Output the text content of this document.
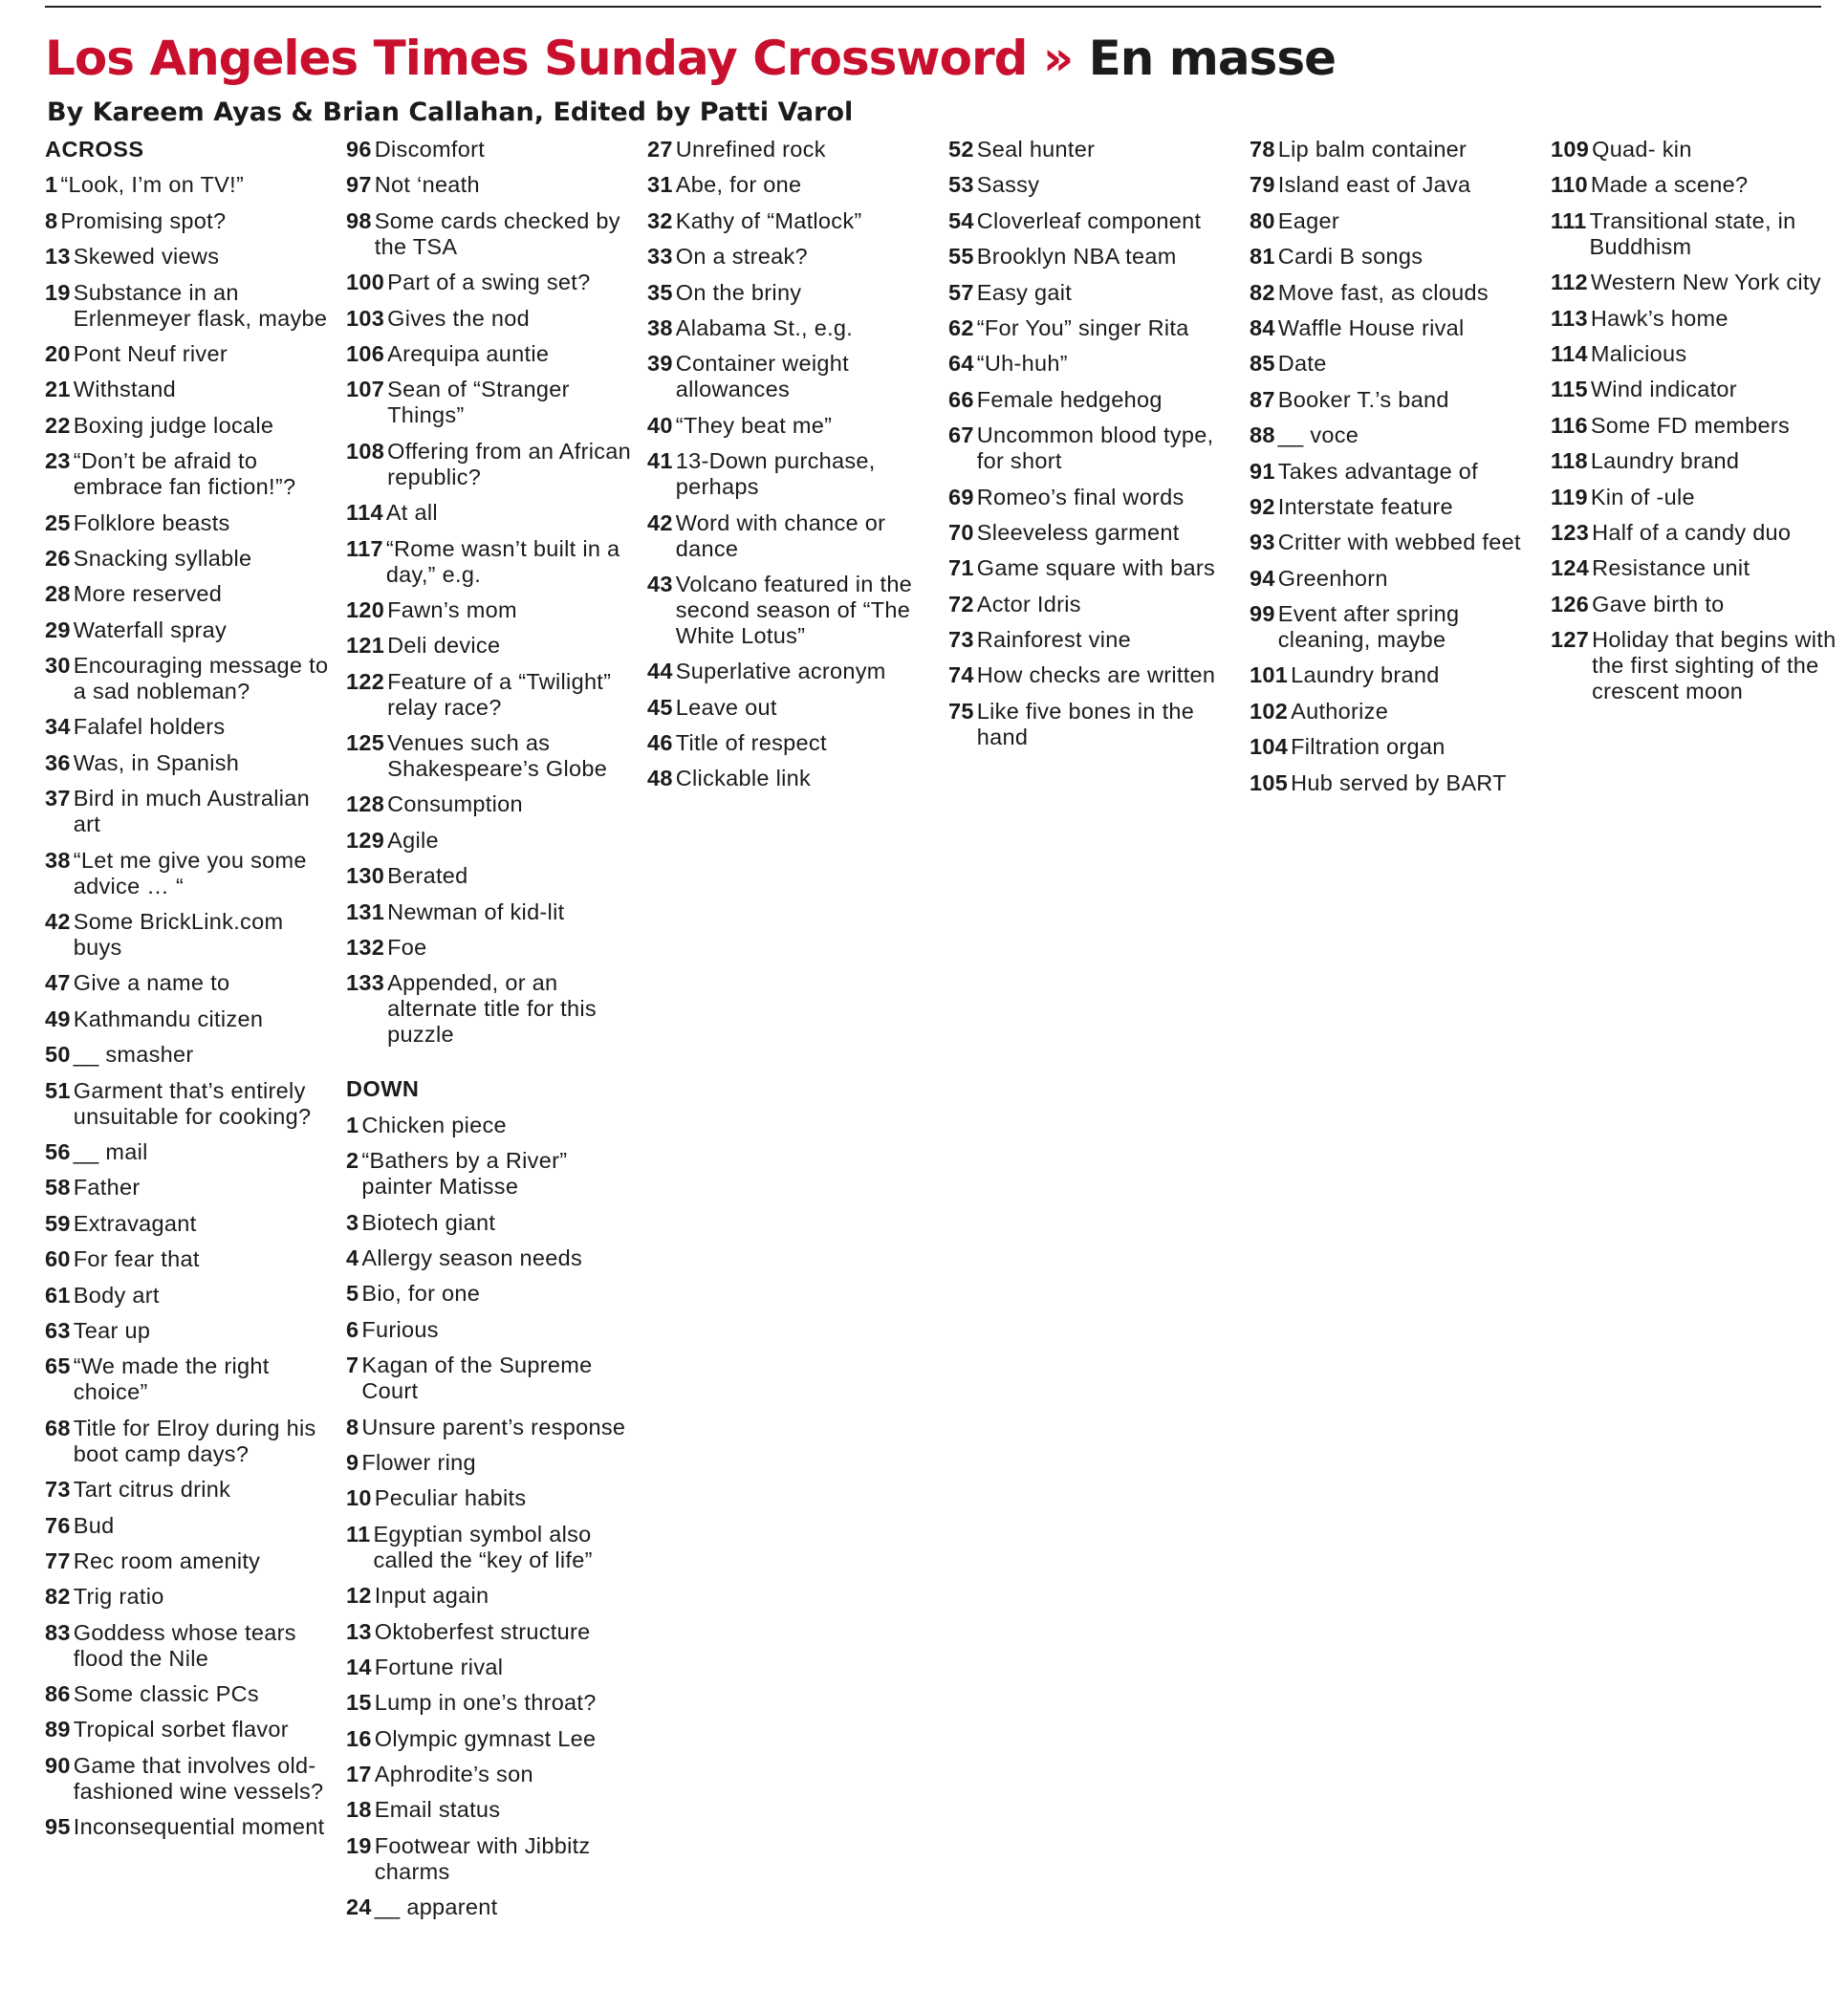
Los Angeles Times Sunday Crossword » En masse
By Kareem Ayas & Brian Callahan, Edited by Patti Varol
ACROSS
1 “Look, I’m on TV!”
8 Promising spot?
13 Skewed views
19 Substance in an Erlenmeyer flask, maybe
20 Pont Neuf river
21 Withstand
22 Boxing judge locale
23 “Don’t be afraid to embrace fan fiction!”?
25 Folklore beasts
26 Snacking syllable
28 More reserved
29 Waterfall spray
30 Encouraging message to a sad nobleman?
34 Falafel holders
36 Was, in Spanish
37 Bird in much Australian art
38 “Let me give you some advice … “
42 Some BrickLink.com buys
47 Give a name to
49 Kathmandu citizen
50 __ smasher
51 Garment that’s entirely unsuitable for cooking?
56 __ mail
58 Father
59 Extravagant
60 For fear that
61 Body art
63 Tear up
65 “We made the right choice”
68 Title for Elroy during his boot camp days?
73 Tart citrus drink
76 Bud
77 Rec room amenity
82 Trig ratio
83 Goddess whose tears flood the Nile
86 Some classic PCs
89 Tropical sorbet flavor
90 Game that involves old-fashioned wine vessels?
95 Inconsequential moment
96 Discomfort
97 Not ‘neath
98 Some cards checked by the TSA
100 Part of a swing set?
103 Gives the nod
106 Arequipa auntie
107 Sean of “Stranger Things”
108 Offering from an African republic?
114 At all
117 “Rome wasn’t built in a day,” e.g.
120 Fawn’s mom
121 Deli device
122 Feature of a “Twilight” relay race?
125 Venues such as Shakespeare’s Globe
128 Consumption
129 Agile
130 Berated
131 Newman of kid-lit
132 Foe
133 Appended, or an alternate title for this puzzle
DOWN
1 Chicken piece
2 “Bathers by a River” painter Matisse
3 Biotech giant
4 Allergy season needs
5 Bio, for one
6 Furious
7 Kagan of the Supreme Court
8 Unsure parent’s response
9 Flower ring
10 Peculiar habits
11 Egyptian symbol also called the “key of life”
12 Input again
13 Oktoberfest structure
14 Fortune rival
15 Lump in one’s throat?
16 Olympic gymnast Lee
17 Aphrodite’s son
18 Email status
19 Footwear with Jibbitz charms
24 __ apparent
27 Unrefined rock
31 Abe, for one
32 Kathy of “Matlock”
33 On a streak?
35 On the briny
38 Alabama St., e.g.
39 Container weight allowances
40 “They beat me”
41 13-Down purchase, perhaps
42 Word with chance or dance
43 Volcano featured in the second season of “The White Lotus”
44 Superlative acronym
45 Leave out
46 Title of respect
48 Clickable link
52 Seal hunter
53 Sassy
54 Cloverleaf component
55 Brooklyn NBA team
57 Easy gait
62 “For You” singer Rita
64 “Uh-huh”
66 Female hedgehog
67 Uncommon blood type, for short
69 Romeo’s final words
70 Sleeveless garment
71 Game square with bars
72 Actor Idris
73 Rainforest vine
74 How checks are written
75 Like five bones in the hand
78 Lip balm container
79 Island east of Java
80 Eager
81 Cardi B songs
82 Move fast, as clouds
84 Waffle House rival
85 Date
87 Booker T.’s band
88 __ voce
91 Takes advantage of
92 Interstate feature
93 Critter with webbed feet
94 Greenhorn
99 Event after spring cleaning, maybe
101 Laundry brand
102 Authorize
104 Filtration organ
105 Hub served by BART
109 Quad- kin
110 Made a scene?
111 Transitional state, in Buddhism
112 Western New York city
113 Hawk’s home
114 Malicious
115 Wind indicator
116 Some FD members
118 Laundry brand
119 Kin of -ule
123 Half of a candy duo
124 Resistance unit
126 Gave birth to
127 Holiday that begins with the first sighting of the crescent moon
